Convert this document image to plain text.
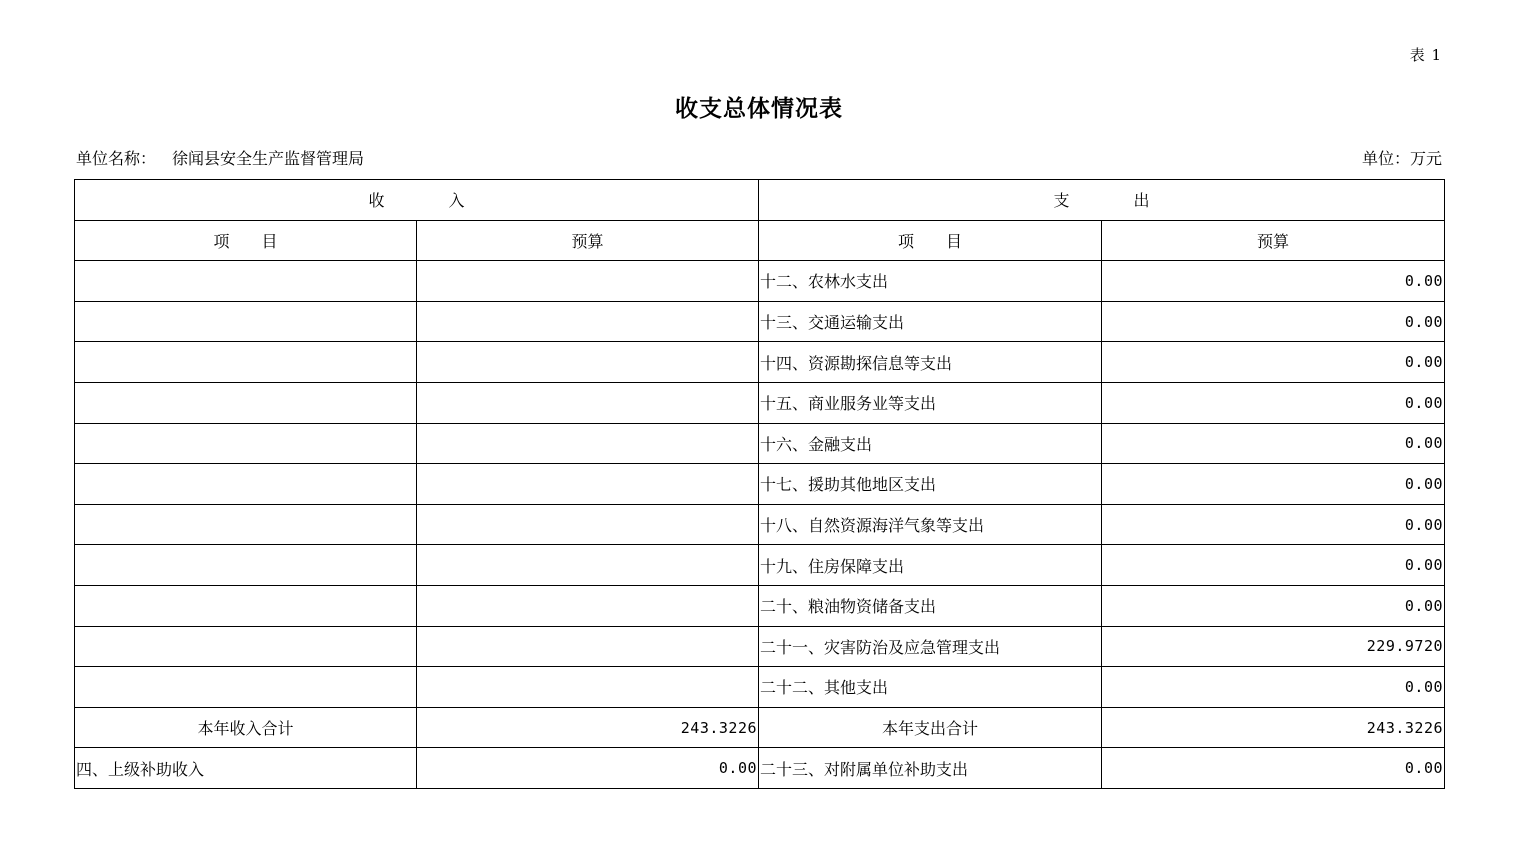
表 1
收支总体情况表
单位名称： 徐闻县安全生产监督管理局	单位：万元
收　　　　入		支　　　　出	
项　　目	预算	项　　目	预算
		十二、农林水支出	0.00
		十三、交通运输支出	0.00
		十四、资源勘探信息等支出	0.00
		十五、商业服务业等支出	0.00
		十六、金融支出	0.00
		十七、援助其他地区支出	0.00
		十八、自然资源海洋气象等支出	0.00
		十九、住房保障支出	0.00
		二十、粮油物资储备支出	0.00
		二十一、灾害防治及应急管理支出	229.9720
		二十二、其他支出	0.00
本年收入合计	243.3226	本年支出合计	243.3226
四、上级补助收入	0.00	二十三、对附属单位补助支出	0.00
